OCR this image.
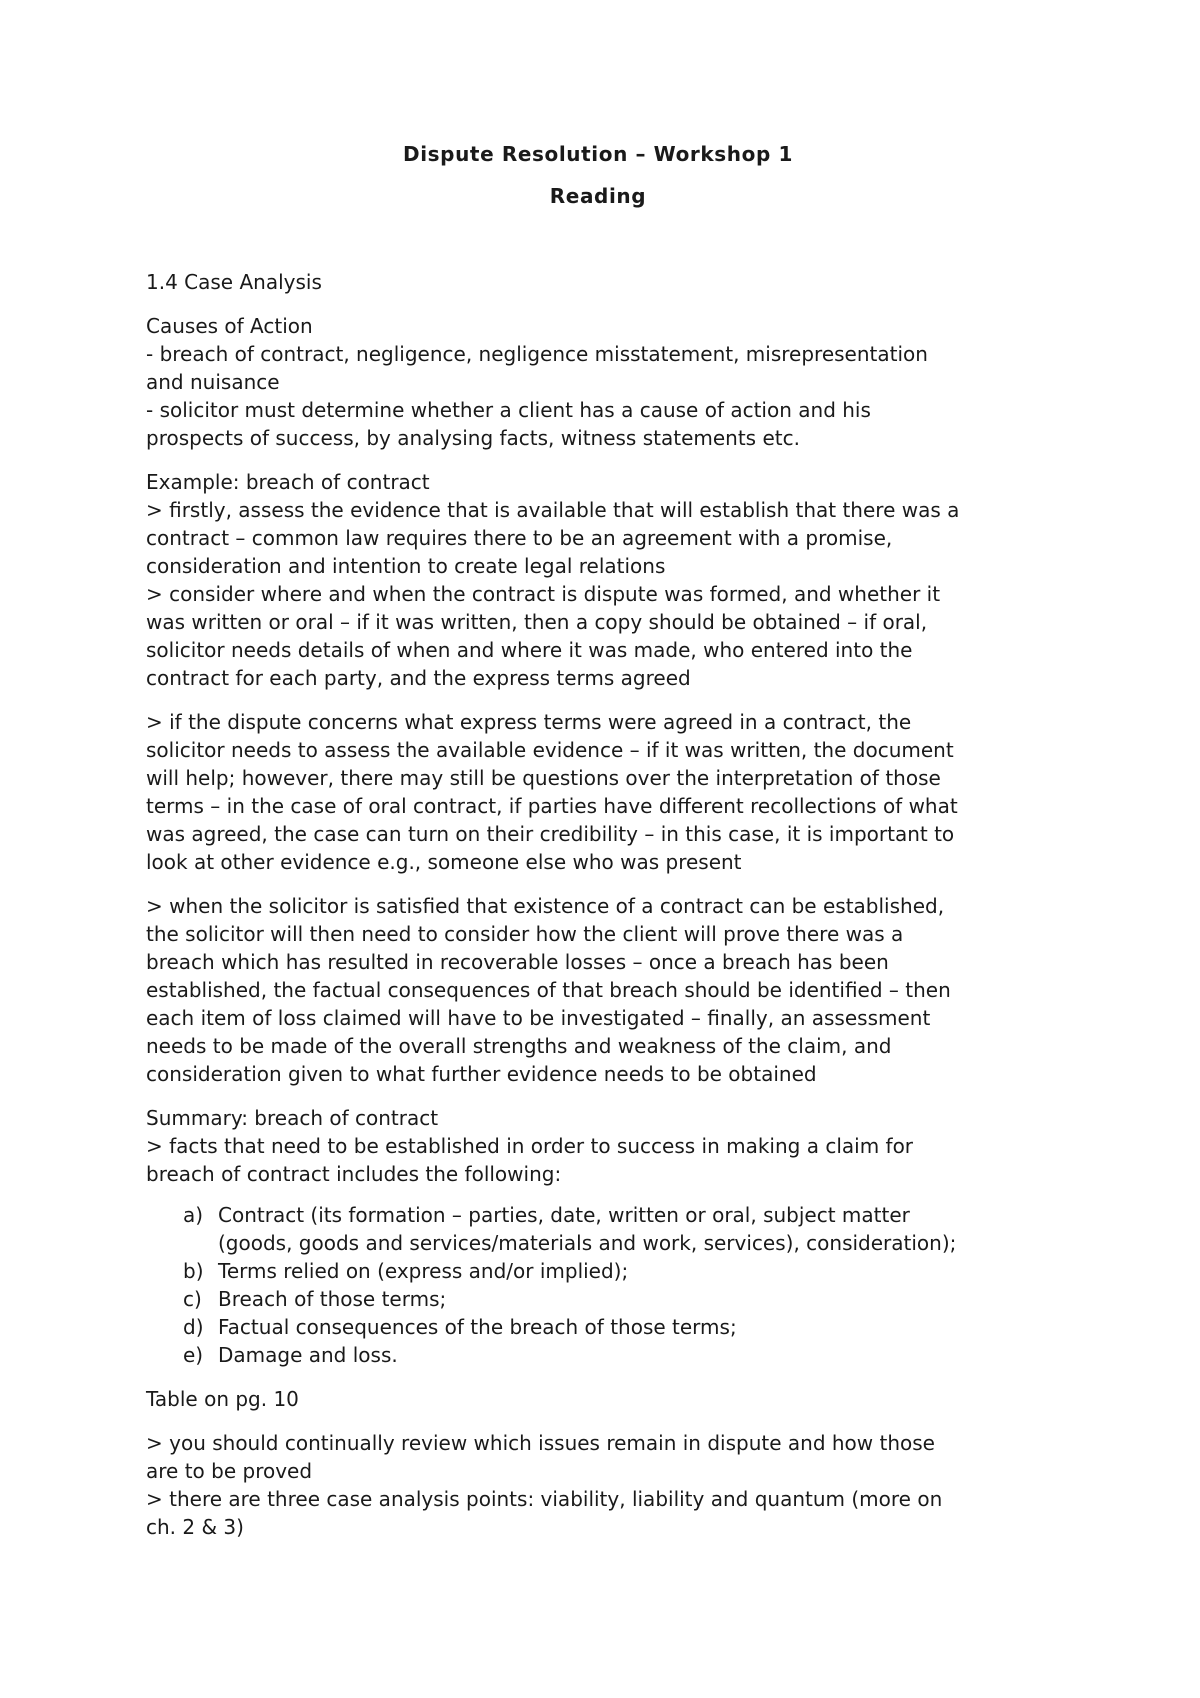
Dispute Resolution – Workshop 1
Reading

1.4 Case Analysis

Causes of Action
- breach of contract, negligence, negligence misstatement, misrepresentation
and nuisance
- solicitor must determine whether a client has a cause of action and his
prospects of success, by analysing facts, witness statements etc.
Example: breach of contract
> firstly, assess the evidence that is available that will establish that there was a
contract – common law requires there to be an agreement with a promise,
consideration and intention to create legal relations
> consider where and when the contract is dispute was formed, and whether it
was written or oral – if it was written, then a copy should be obtained – if oral,
solicitor needs details of when and where it was made, who entered into the
contract for each party, and the express terms agreed
> if the dispute concerns what express terms were agreed in a contract, the
solicitor needs to assess the available evidence – if it was written, the document
will help; however, there may still be questions over the interpretation of those
terms – in the case of oral contract, if parties have different recollections of what
was agreed, the case can turn on their credibility – in this case, it is important to
look at other evidence e.g., someone else who was present
> when the solicitor is satisfied that existence of a contract can be established,
the solicitor will then need to consider how the client will prove there was a
breach which has resulted in recoverable losses – once a breach has been
established, the factual consequences of that breach should be identified – then
each item of loss claimed will have to be investigated – finally, an assessment
needs to be made of the overall strengths and weakness of the claim, and
consideration given to what further evidence needs to be obtained
Summary: breach of contract
> facts that need to be established in order to success in making a claim for
breach of contract includes the following:
a) Contract (its formation – parties, date, written or oral, subject matter
(goods, goods and services/materials and work, services), consideration);
b) Terms relied on (express and/or implied);
c) Breach of those terms;
d) Factual consequences of the breach of those terms;
e) Damage and loss.

Table on pg. 10

> you should continually review which issues remain in dispute and how those
are to be proved
> there are three case analysis points: viability, liability and quantum (more on
ch. 2 & 3)
